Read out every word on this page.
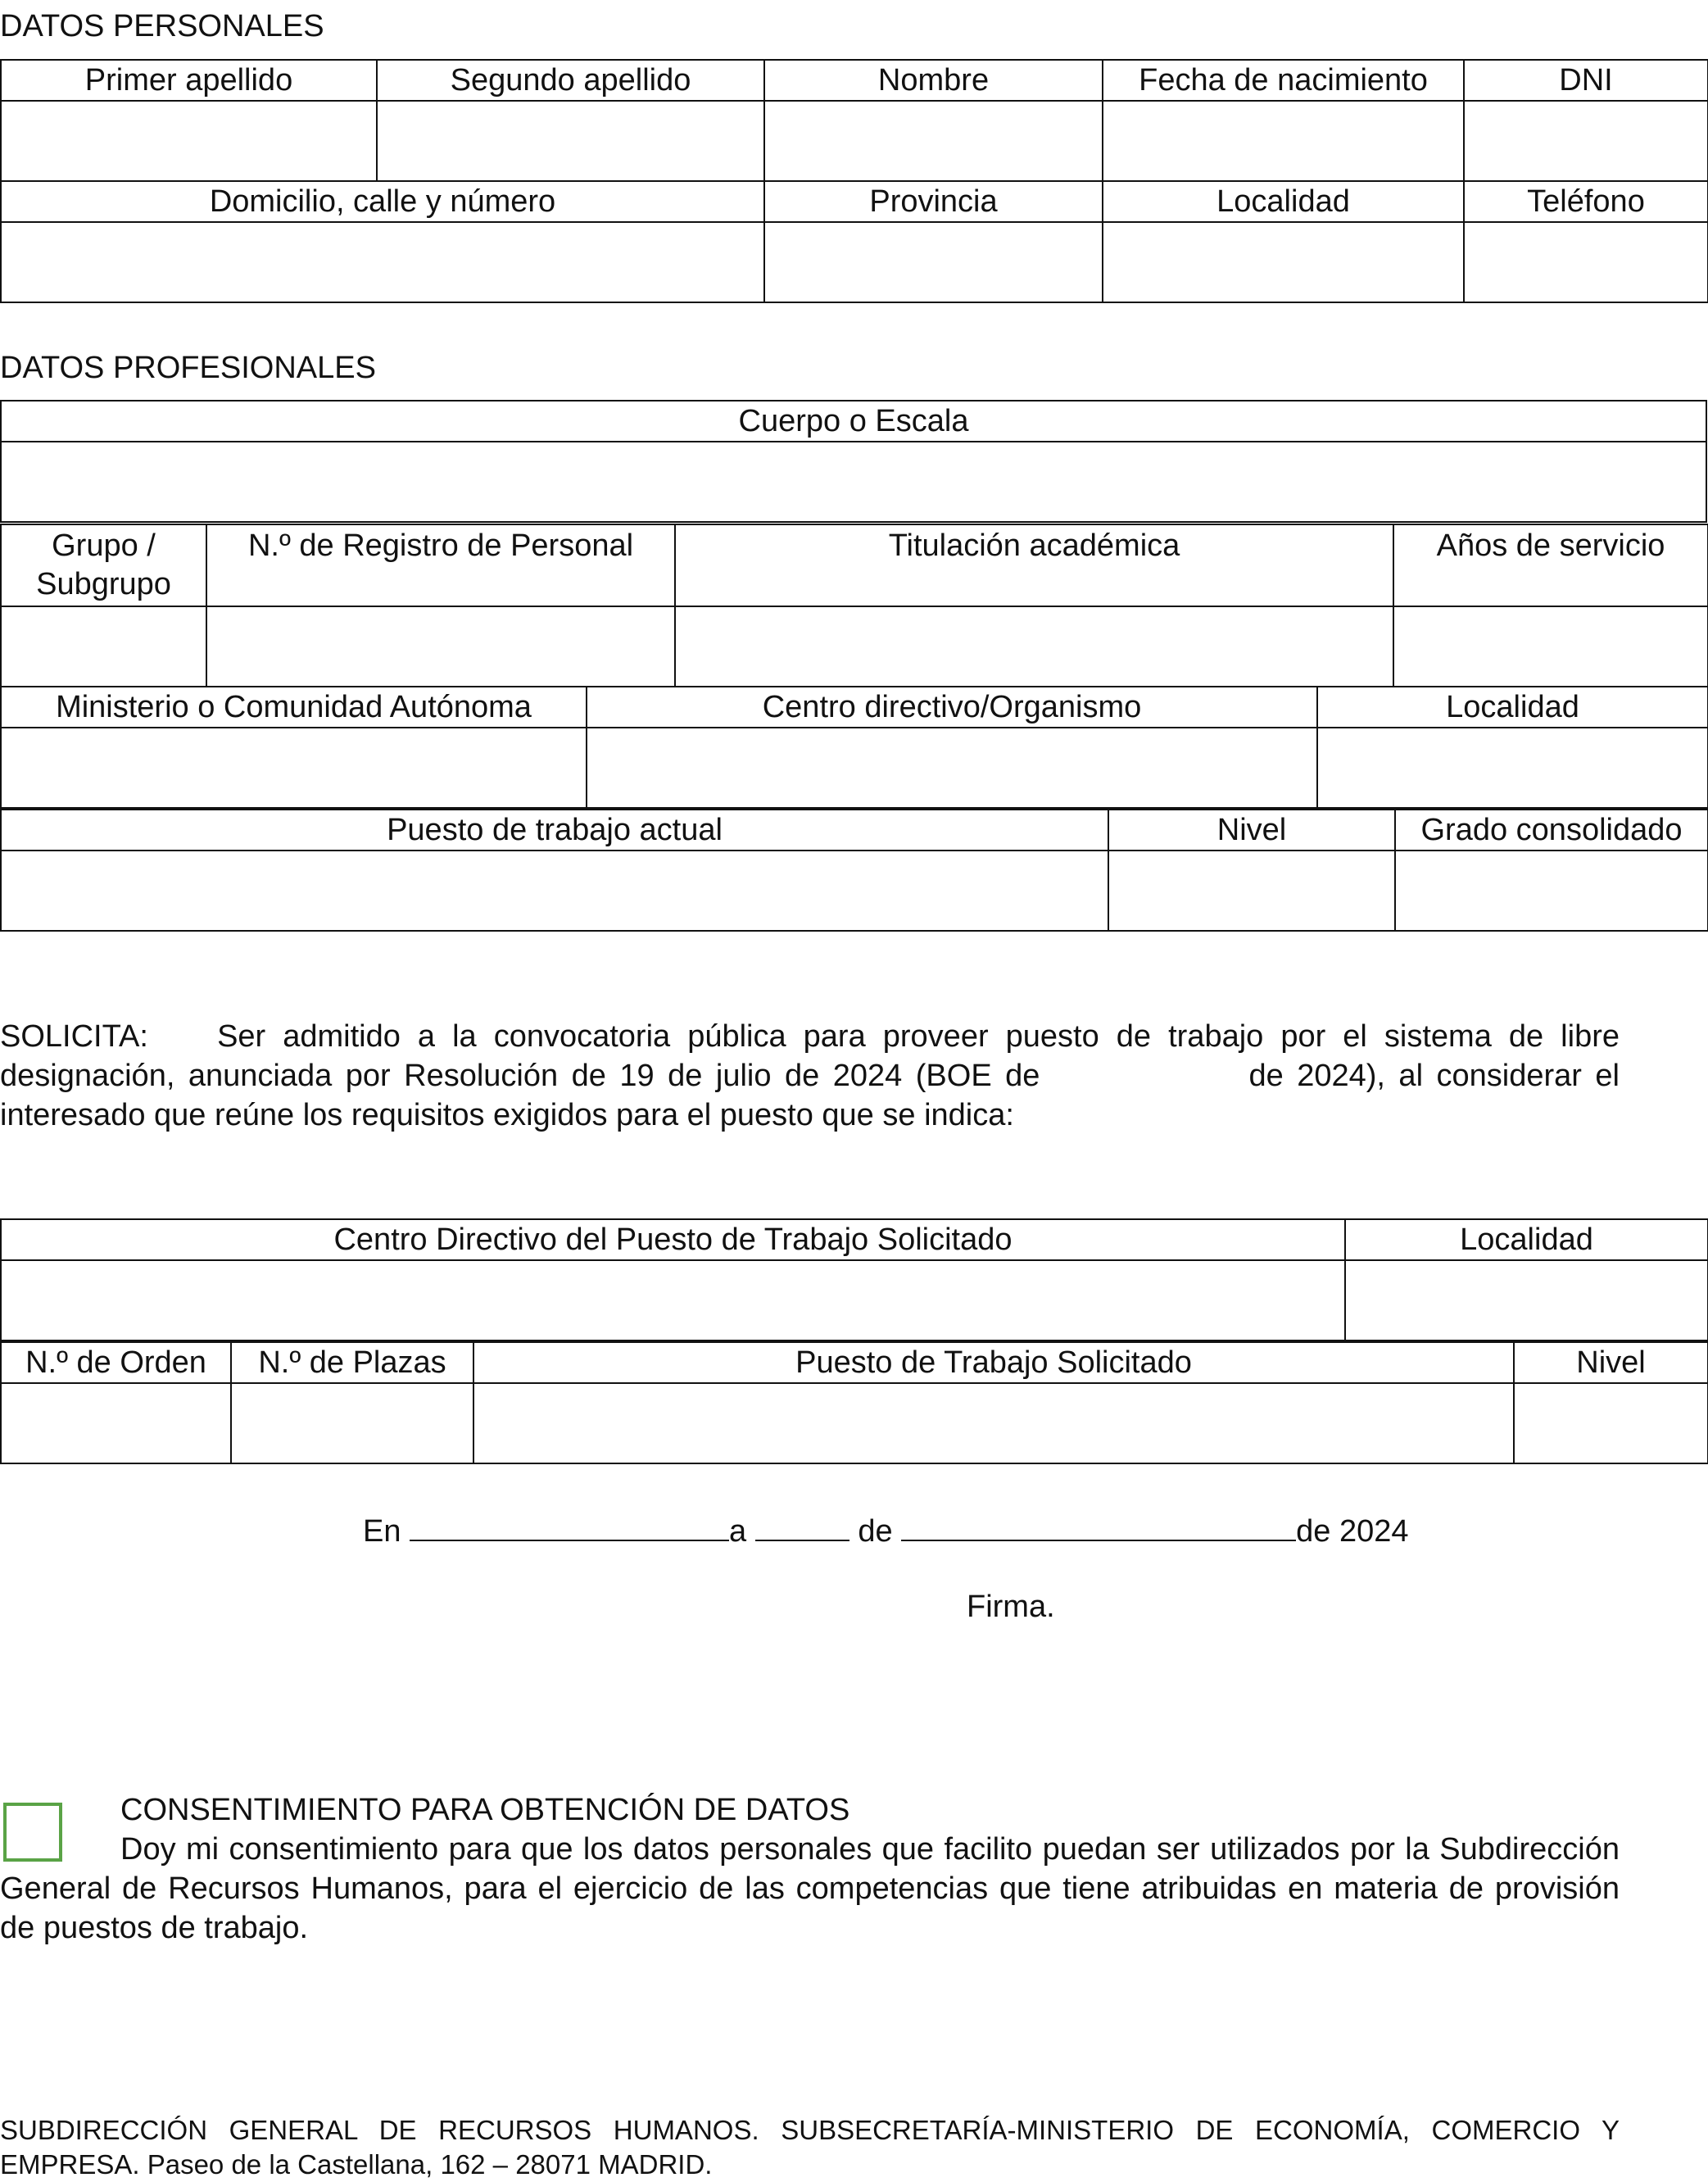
DATOS PERSONALES
Primer apellido	Segundo apellido	Nombre	Fecha de nacimiento	DNI

Domicilio, calle y número		Provincia	Localidad	Teléfono

DATOS PROFESIONALES
Cuerpo o Escala

Grupo / Subgrupo	N.º de Registro de Personal	Titulación académica	Años de servicio

Ministerio o Comunidad Autónoma	Centro directivo/Organismo	Localidad

Puesto de trabajo actual	Nivel	Grado consolidado

SOLICITA: Ser admitido a la convocatoria pública para proveer puesto de trabajo por el sistema de libre designación, anunciada por Resolución de 19 de julio de 2024 (BOE de	de 2024), al considerar el interesado que reúne los requisitos exigidos para el puesto que se indica:
Centro Directivo del Puesto de Trabajo Solicitado	Localidad

N.º de Orden	N.º de Plazas	Puesto de Trabajo Solicitado	Nivel

En	a	de	de 2024
Firma.
CONSENTIMIENTO PARA OBTENCIÓN DE DATOS
Doy mi consentimiento para que los datos personales que facilito puedan ser utilizados por la Subdirección General de Recursos Humanos, para el ejercicio de las competencias que tiene atribuidas en materia de provisión de puestos de trabajo.
SUBDIRECCIÓN GENERAL DE RECURSOS HUMANOS. SUBSECRETARÍA-MINISTERIO DE ECONOMÍA, COMERCIO Y EMPRESA. Paseo de la Castellana, 162 – 28071 MADRID.
